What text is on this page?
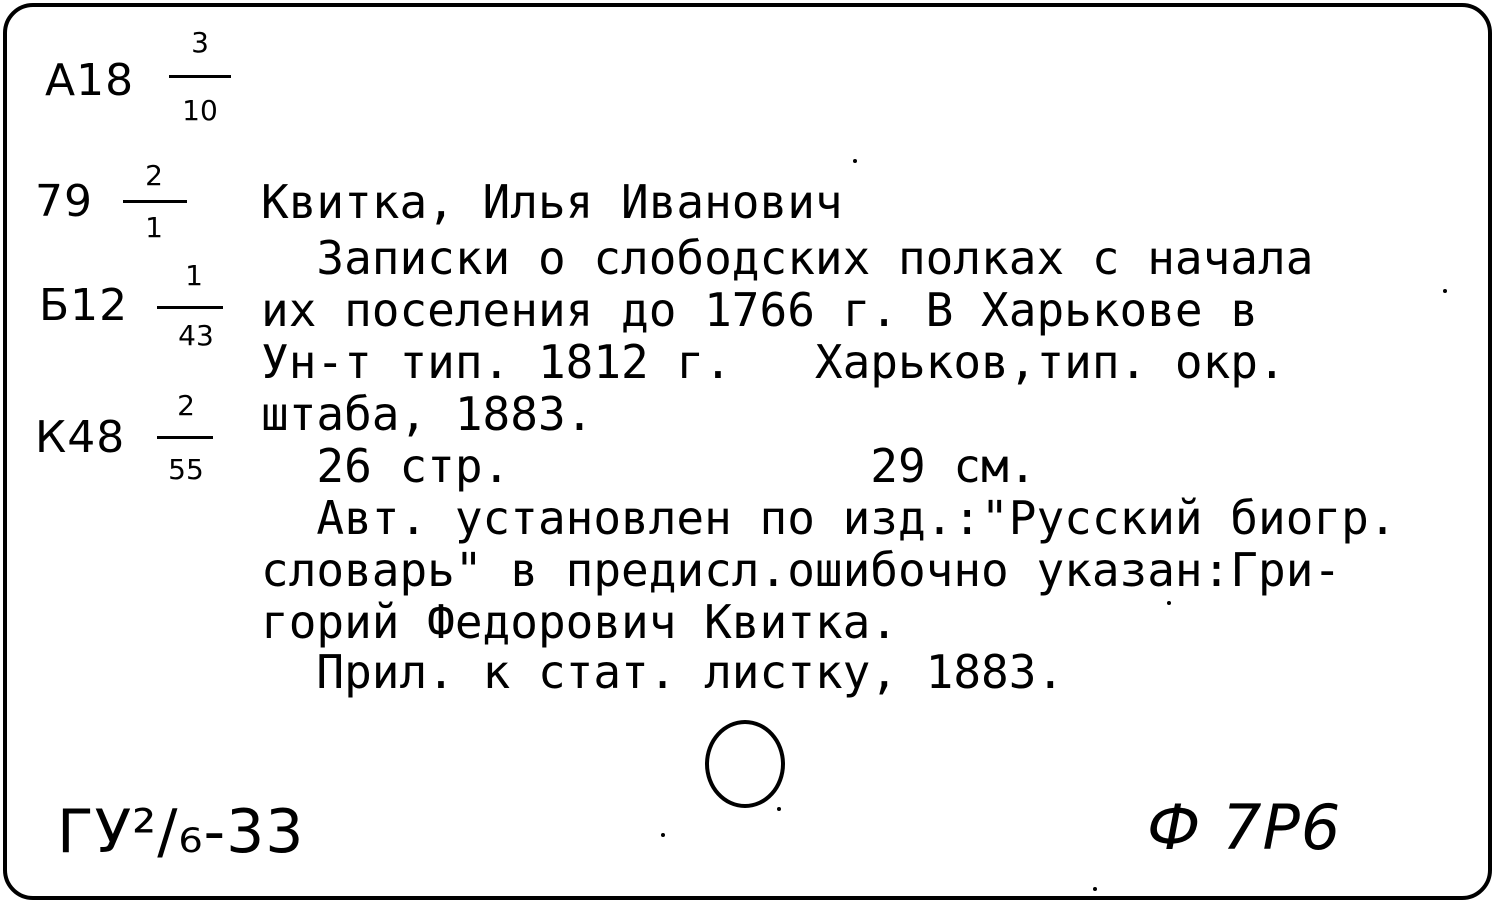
A18
3
10
79
2
1
Б12
1
43
К48
2
55

Квитка, Илья Иванович

Записки о слободских полках с начала

их поселения до 1766 г. В Харькове в

Ун-т тип. 1812 г.   Харьков,тип. окр.

штаба, 1883.

26 стр.             29 см.

Авт. установлен по изд.:"Русский биогр.

словарь" в предисл.ошибочно указан:Гри-

горий Федорович Квитка.

Прил. к стат. листку, 1883.

ГУ²/₆-33	Ф 7Р6
